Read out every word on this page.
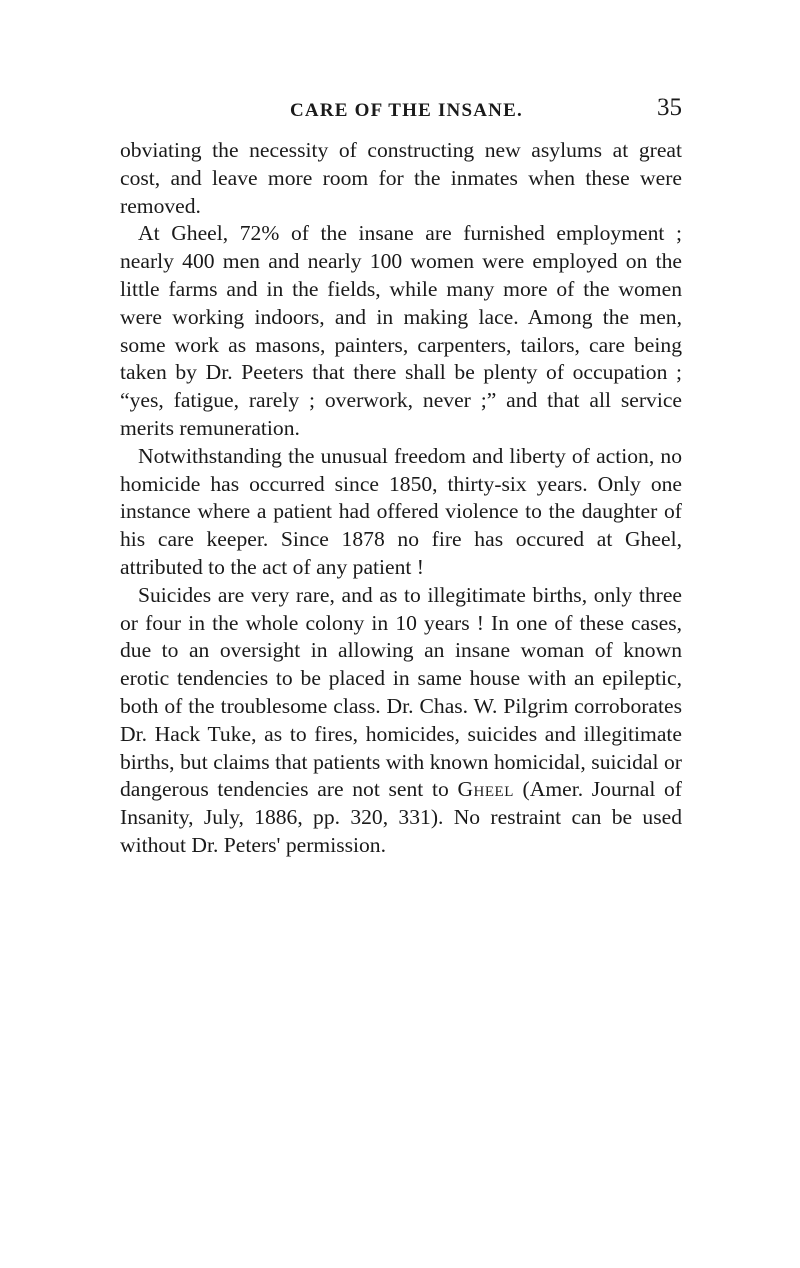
CARE OF THE INSANE.	35

obviating the necessity of constructing new asylums at great cost, and leave more room for the inmates when these were removed.

At Gheel, 72% of the insane are furnished employment ; nearly 400 men and nearly 100 women were employed on the little farms and in the fields, while many more of the women were working indoors, and in making lace. Among the men, some work as masons, painters, carpenters, tailors, care being taken by Dr. Peeters that there shall be plenty of occupation ; “yes, fatigue, rarely ; overwork, never ;” and that all service merits remuneration.

Notwithstanding the unusual freedom and liberty of action, no homicide has occurred since 1850, thirty-six years. Only one instance where a patient had offered violence to the daughter of his care keeper. Since 1878 no fire has occured at Gheel, attributed to the act of any patient !

Suicides are very rare, and as to illegitimate births, only three or four in the whole colony in 10 years ! In one of these cases, due to an oversight in allowing an insane woman of known erotic tendencies to be placed in same house with an epileptic, both of the troublesome class. Dr. Chas. W. Pilgrim corroborates Dr. Hack Tuke, as to fires, homicides, suicides and illegitimate births, but claims that patients with known homicidal, suicidal or dangerous tendencies are not sent to Gheel (Amer. Journal of Insanity, July, 1886, pp. 320, 331). No restraint can be used without Dr. Peters' permission.
